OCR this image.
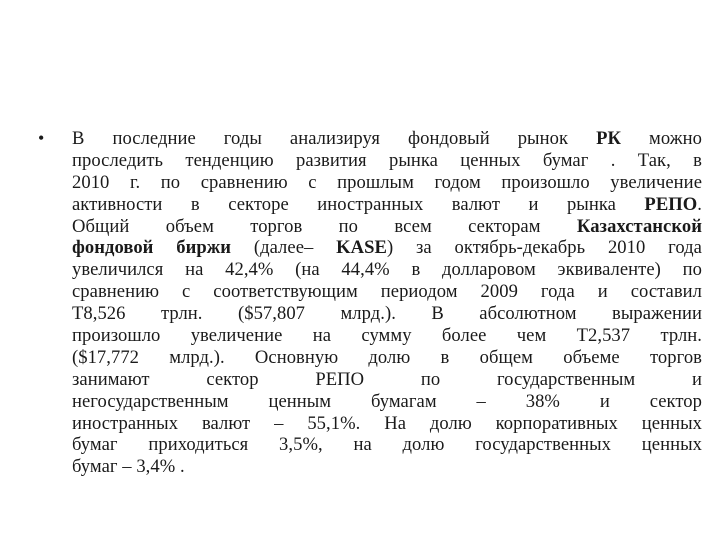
• В последние годы анализируя фондовый рынок РК можно
проследить тенденцию развития рынка ценных бумаг . Так, в
2010 г. по сравнению с прошлым годом произошло увеличение
активности в секторе иностранных валют и рынка РЕПО.
Общий объем торгов по всем секторам Казахстанской
фондовой биржи (далее– KASE) за октябрь-декабрь 2010 года
увеличился на 42,4% (на 44,4% в долларовом эквиваленте) по
сравнению с соответствующим периодом 2009 года и составил
Т8,526 трлн. ($57,807 млрд.). В абсолютном выражении
произошло увеличение на сумму более чем Т2,537 трлн.
($17,772 млрд.). Основную долю в общем объеме торгов
занимают сектор РЕПО по государственным и
негосударственным ценным бумагам – 38% и сектор
иностранных валют – 55,1%. На долю корпоративных ценных
бумаг приходиться 3,5%, на долю государственных ценных
бумаг – 3,4% .
